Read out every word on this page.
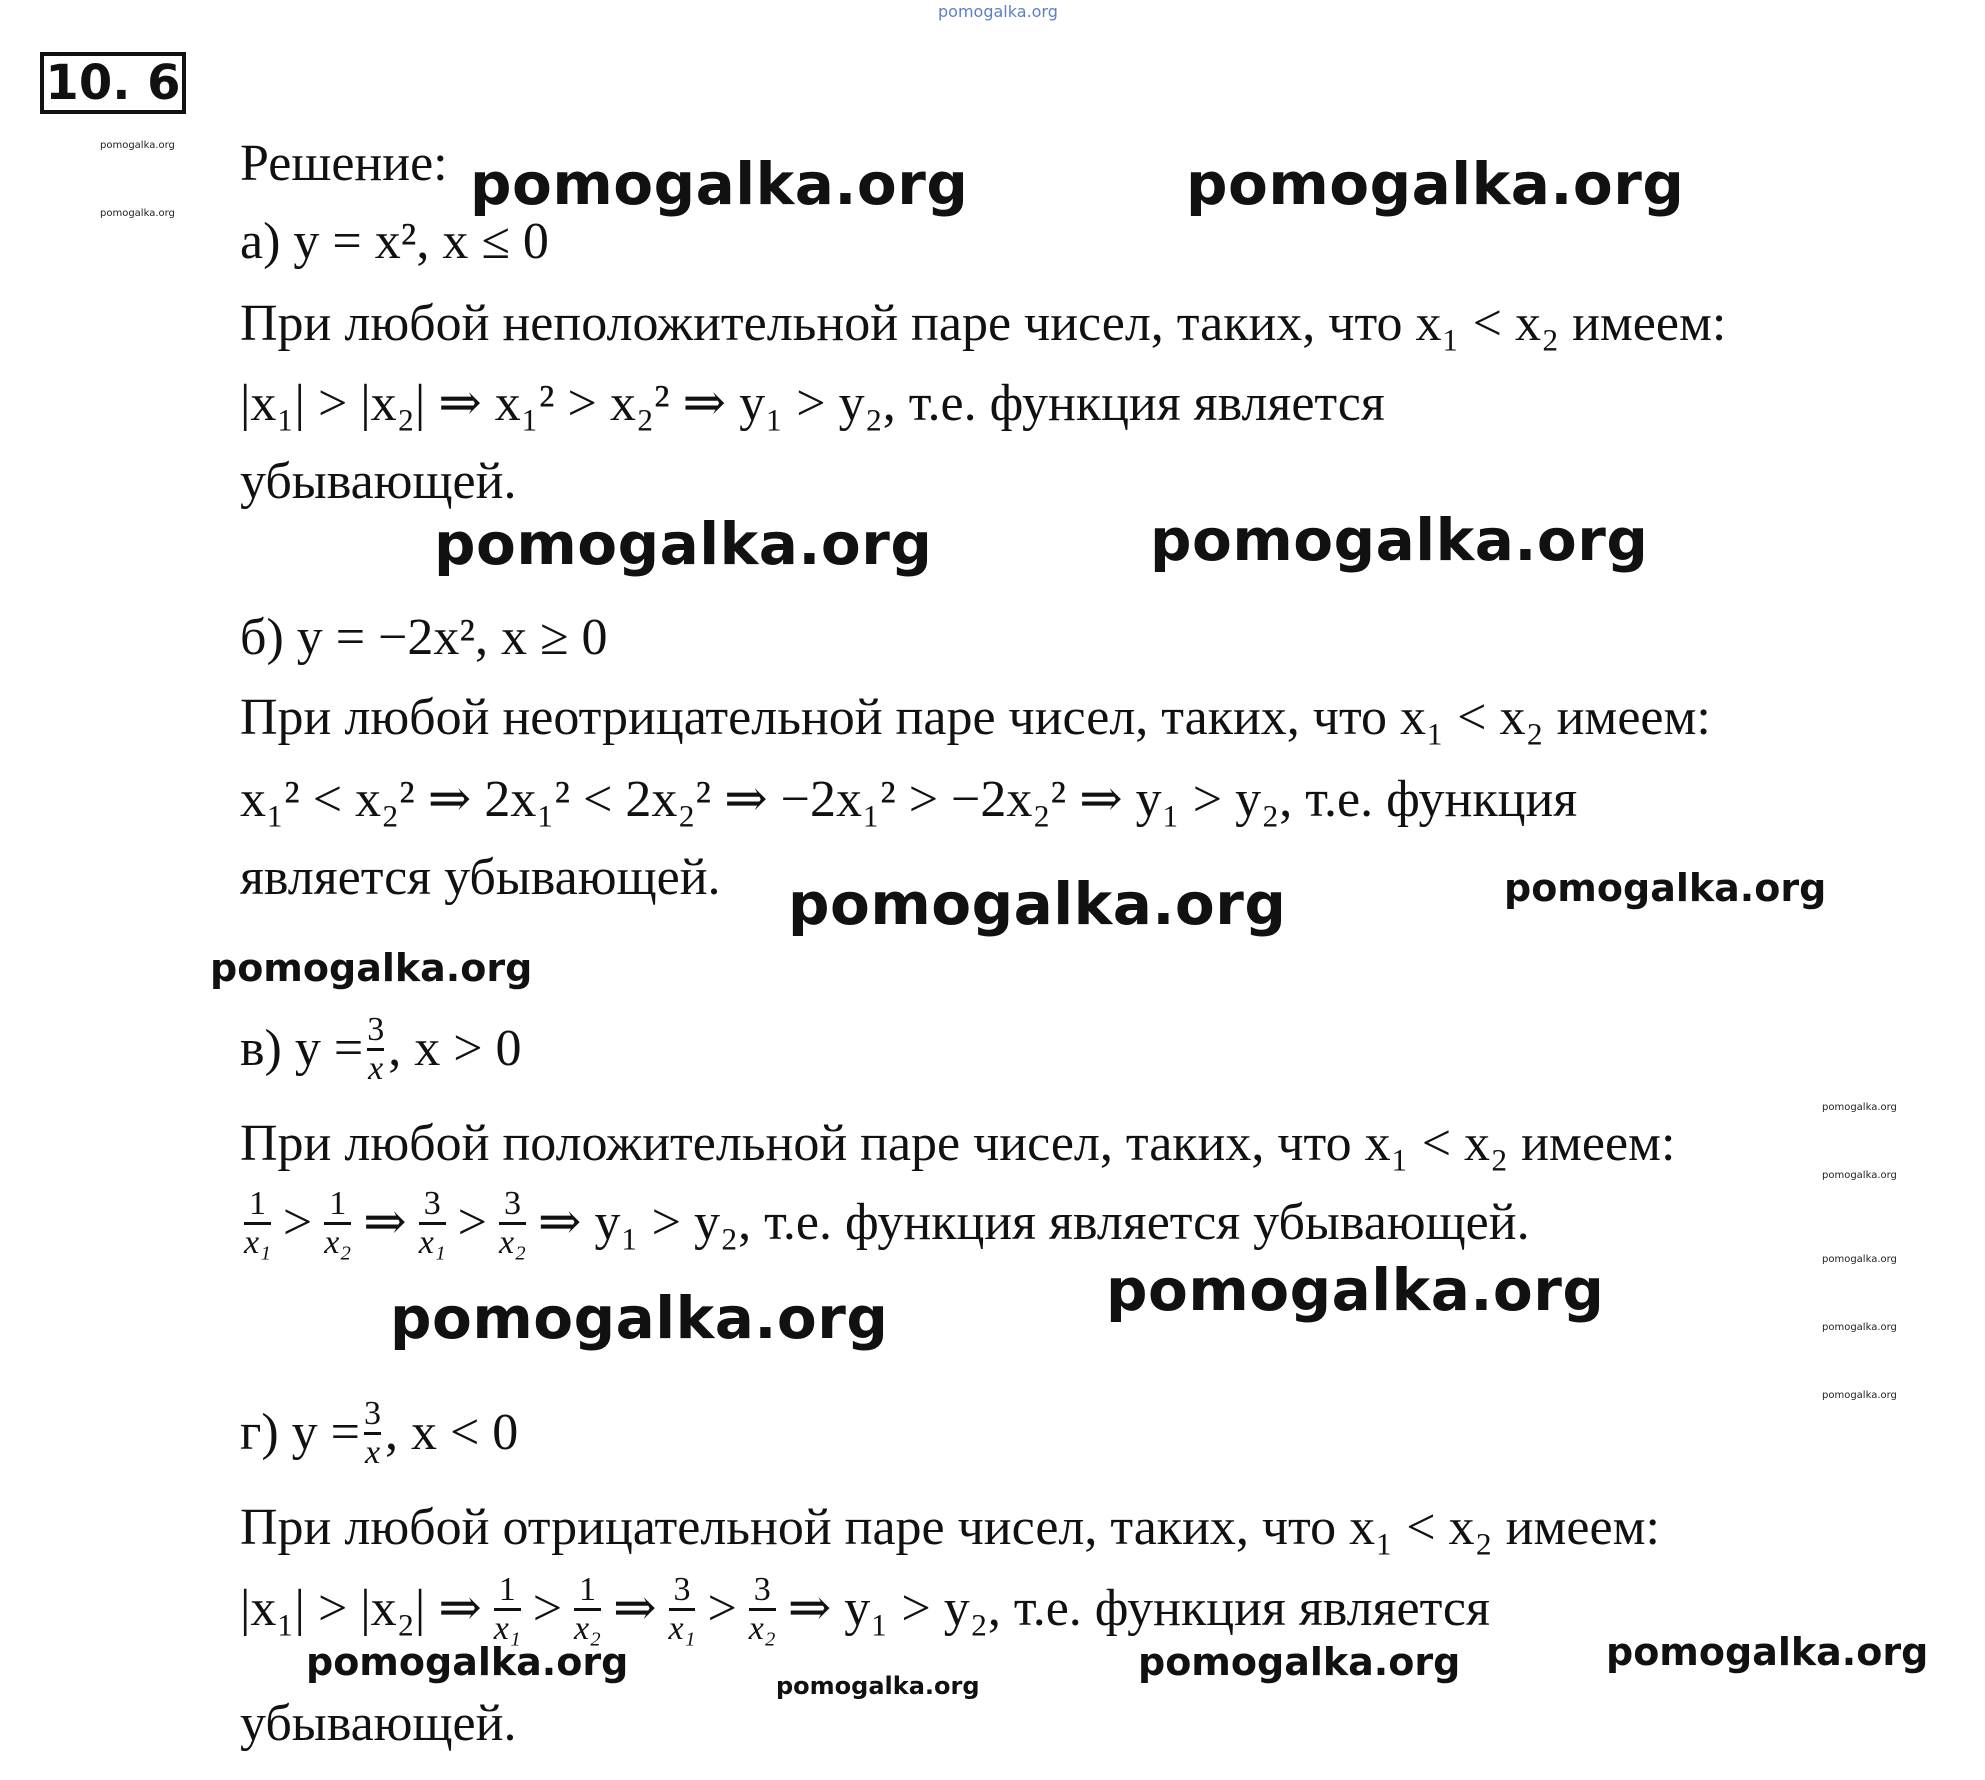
pomogalka.org
10. 6
pomogalka.org
pomogalka.org
pomogalka.org
pomogalka.org
pomogalka.org
pomogalka.org
pomogalka.org
Решение:
а) y = x², x ≤ 0
При любой неположительной паре чисел, таких, что x₁ < x₂ имеем:
|x₁| > |x₂| ⇒ x₁² > x₂² ⇒ y₁ > y₂, т.е. функция является
убывающей.
б) y = −2x², x ≥ 0
При любой неотрицательной паре чисел, таких, что x₁ < x₂ имеем:
x₁² < x₂² ⇒ 2x₁² < 2x₂² ⇒ −2x₁² > −2x₂² ⇒ y₁ > y₂, т.е. функция
является убывающей.
в) $y = \frac{3}{x}$ , x > 0
При любой положительной паре чисел, таких, что x₁ < x₂ имеем:
$\frac{1}{\text{x₁}} > \frac{1}{\text{x₂}}$ ⇒ $\frac{3}{\text{x₁}} > \frac{3}{\text{x₂}}$ ⇒ y₁ > y₂, т.е. функция является убывающей.
г) $y = \frac{3}{x}$ , x < 0
При любой отрицательной паре чисел, таких, что x₁ < x₂ имеем:
|x₁| > |x₂| ⇒ $\frac{1}{\text{x₁}} > \frac{1}{\text{x₂}}$ ⇒ $\frac{3}{\text{x₁}} > \frac{3}{\text{x₂}}$ ⇒ y₁ > y₂, т.е. функция является
убывающей.
pomogalka.org	pomogalka.org
pomogalka.org	pomogalka.org
pomogalka.org
pomogalka.org	pomogalka.org
pomogalka.org
pomogalka.org
pomogalka.org	pomogalka.org	pomogalka.org
pomogalka.org
